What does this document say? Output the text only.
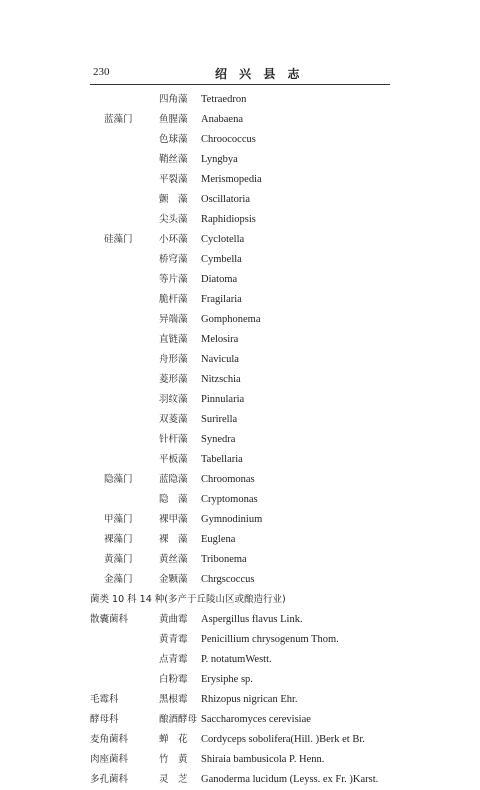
230	绍 兴 县 志
四角藻 Tetraedron
蓝藻门	鱼腥藻 Anabaena
色球藻 Chroococcus
鞘丝藻 Lyngbya
平裂藻 Merismopedia
颤　藻 Oscillatoria
尖头藻 Raphidiopsis
硅藻门	小环藻 Cyclotella
桥穹藻 Cymbella
等片藻 Diatoma
脆杆藻 Fragilaria
异端藻 Gomphonema
直链藻 Melosira
舟形藻 Navicula
菱形藻 Nitzschia
羽纹藻 Pinnularia
双菱藻 Surirella
针杆藻 Synedra
平板藻 Tabellaria
隐藻门	蓝隐藻 Chroomonas
隐　藻 Cryptomonas
甲藻门	裸甲藻 Gymnodinium
裸藻门	裸　藻 Euglena
黄藻门	黄丝藻 Tribonema
金藻门	金颗藻 Chrgscoccus
菌类 10 科 14 种(多产于丘陵山区或酿造行业)
散囊菌科	黄曲霉 Aspergillus flavus Link.
黄青霉 Penicillium chrysogenum Thom.
点青霉 P. notatumWestt.
白粉霉 Erysiphe sp.
毛霉科	黑根霉 Rhizopus nigrican Ehr.
酵母科	酿酒酵母 Saccharomyces cerevisiae
麦角菌科	蝉　花 Cordyceps sobolifera(Hill. )Berk et Br.
肉座菌科	竹　黄 Shiraia bambusicola P. Henn.
多孔菌科	灵　芝 Ganoderma lucidum (Leyss. ex Fr. )Karst.
